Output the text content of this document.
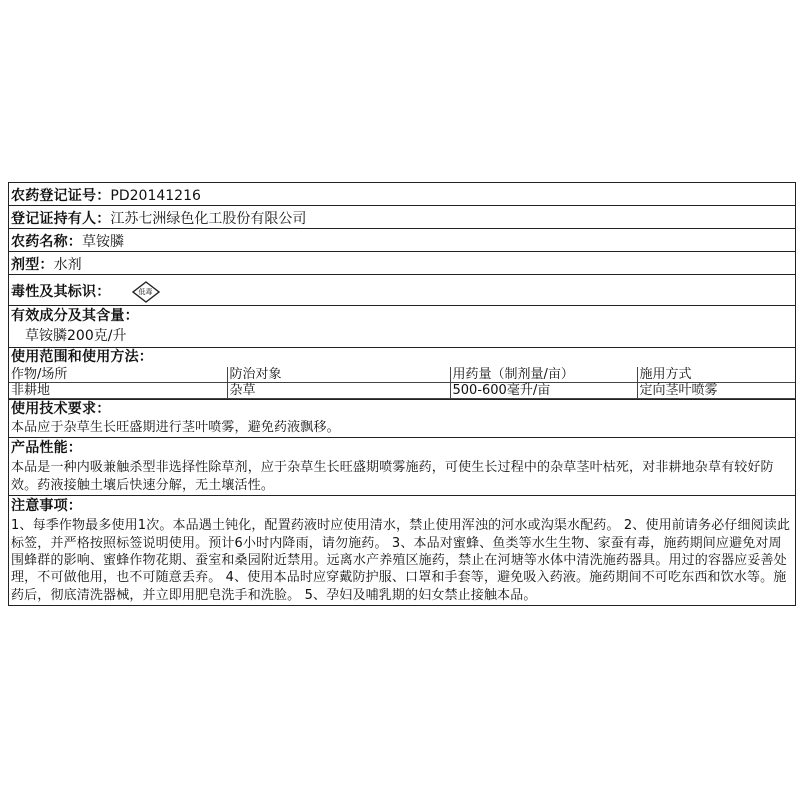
农药登记证号：PD20141216
登记证持有人：江苏七洲绿色化工股份有限公司
农药名称：草铵膦
剂型：水剂
毒性及其标识：	低毒
有效成分及其含量：
草铵膦200克/升
使用范围和使用方法：
作物/场所	防治对象	用药量（制剂量/亩）	施用方式
非耕地	杂草	500-600毫升/亩	定向茎叶喷雾
使用技术要求：
本品应于杂草生长旺盛期进行茎叶喷雾，避免药液飘移。
产品性能：
本品是一种内吸兼触杀型非选择性除草剂，应于杂草生长旺盛期喷雾施药，可使生长过程中的杂草茎叶枯死，对非耕地杂草有较好防效。药液接触土壤后快速分解，无土壤活性。
注意事项：
1、每季作物最多使用1次。本品遇土钝化，配置药液时应使用清水，禁止使用浑浊的河水或沟渠水配药。 2、使用前请务必仔细阅读此标签，并严格按照标签说明使用。预计6小时内降雨，请勿施药。 3、本品对蜜蜂、鱼类等水生生物、家蚕有毒，施药期间应避免对周围蜂群的影响、蜜蜂作物花期、蚕室和桑园附近禁用。远离水产养殖区施药，禁止在河塘等水体中清洗施药器具。用过的容器应妥善处理，不可做他用，也不可随意丢弃。 4、使用本品时应穿戴防护服、口罩和手套等，避免吸入药液。施药期间不可吃东西和饮水等。施药后，彻底清洗器械，并立即用肥皂洗手和洗脸。 5、孕妇及哺乳期的妇女禁止接触本品。
